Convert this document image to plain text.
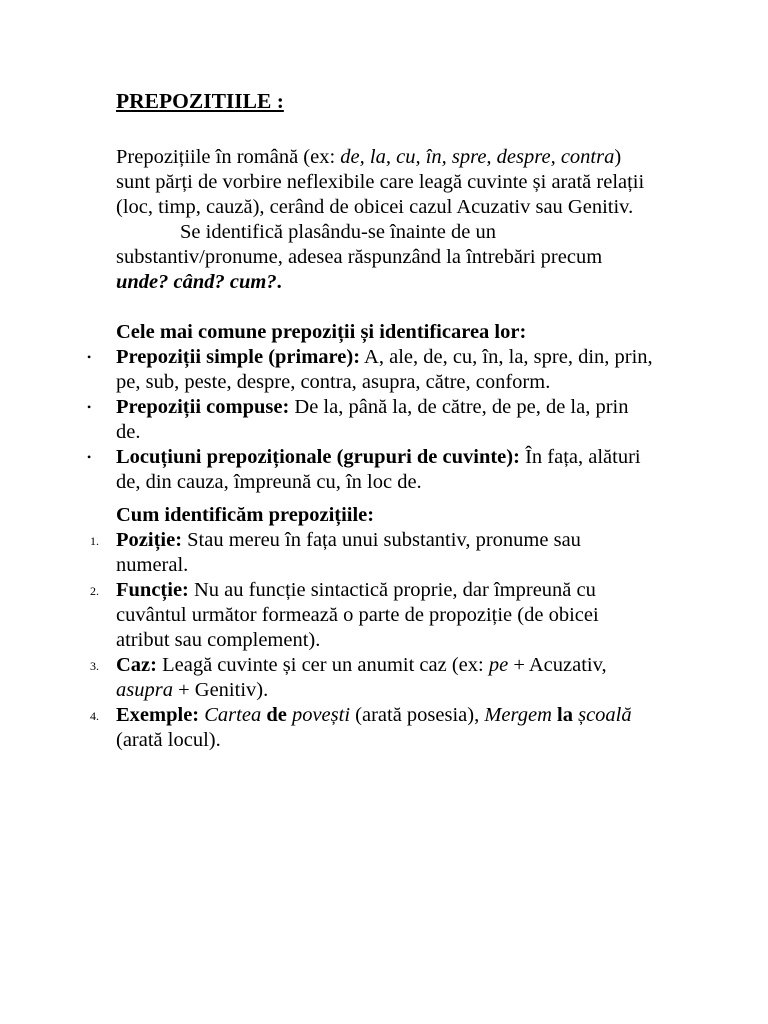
PREPOZITIILE :

Prepozițiile în română (ex: de, la, cu, în, spre, despre, contra) sunt părți de vorbire neflexibile care leagă cuvinte și arată relații (loc, timp, cauză), cerând de obicei cazul Acuzativ sau Genitiv.

Se identifică plasându-se înainte de un substantiv/pronume, adesea răspunzând la întrebări precumunde? când? cum?.

Cele mai comune prepoziții și identificarea lor:

• Prepoziții simple (primare): A, ale, de, cu, în, la, spre, din, prin, pe, sub, peste, despre, contra, asupra, către, conform.
• Prepoziții compuse: De la, până la, de către, de pe, de la, prin de.
• Locuțiuni prepoziționale (grupuri de cuvinte): În fața, alături de, din cauza, împreună cu, în loc de.

Cum identificăm prepozițiile:

1. Poziție: Stau mereu în fața unui substantiv, pronume sau numeral.
2. Funcție: Nu au funcție sintactică proprie, dar împreună cu cuvântul următor formează o parte de propoziție (de obicei atribut sau complement).
3. Caz: Leagă cuvinte și cer un anumit caz (ex: pe + Acuzativ, asupra + Genitiv).
4. Exemple: Cartea de povești (arată posesia), Mergem la școală (arată locul).
